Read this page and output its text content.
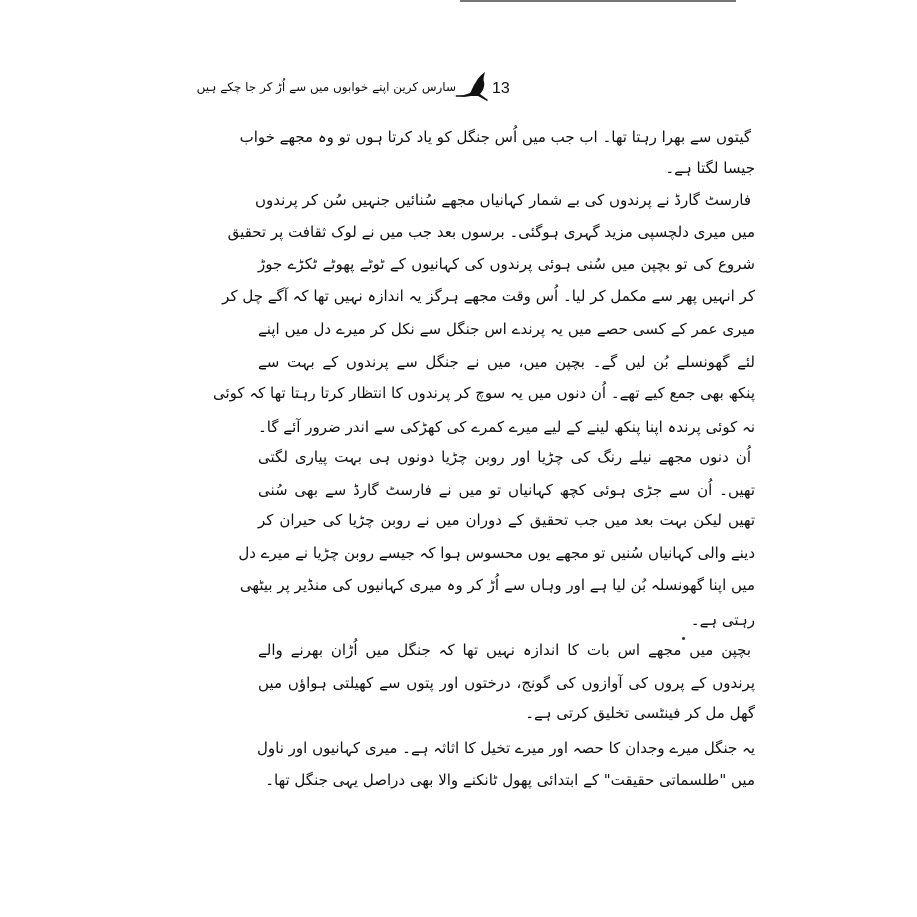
سارس کرین اپنے خوابوں میں سے اُڑ کر جا چکے ہیں 13
گیتوں سے بھرا رہتا تھا۔ اب جب میں اُس جنگل کو یاد کرتا ہوں تو وہ مجھے خواب
جیسا لگتا ہے۔
فارسٹ گارڈ نے پرندوں کی بے شمار کہانیاں مجھے سُنائیں جنہیں سُن کر پرندوں
میں میری دلچسپی مزید گہری ہوگئی۔ برسوں بعد جب میں نے لوک ثقافت پر تحقیق
شروع کی تو بچپن میں سُنی ہوئی پرندوں کی کہانیوں کے ٹوٹے پھوٹے ٹکڑے جوڑ
کر انہیں پھر سے مکمل کر لیا۔ اُس وقت مجھے ہرگز یہ اندازہ نہیں تھا کہ آگے چل کر
میری عمر کے کسی حصے میں یہ پرندے اس جنگل سے نکل کر میرے دل میں اپنے
لئے گھونسلے بُن لیں گے۔ بچپن میں، میں نے جنگل سے پرندوں کے بہت سے
پنکھ بھی جمع کیے تھے۔ اُن دنوں میں یہ سوچ کر پرندوں کا انتظار کرتا رہتا تھا کہ کوئی
نہ کوئی پرندہ اپنا پنکھ لینے کے لیے میرے کمرے کی کھڑکی سے اندر ضرور آئے گا۔
اُن دنوں مجھے نیلے رنگ کی چڑیا اور روبن چڑیا دونوں ہی بہت پیاری لگتی
تھیں۔ اُن سے جڑی ہوئی کچھ کہانیاں تو میں نے فارسٹ گارڈ سے بھی سُنی
تھیں لیکن بہت بعد میں جب تحقیق کے دوران میں نے روبن چڑیا کی حیران کر
دینے والی کہانیاں سُنیں تو مجھے یوں محسوس ہوا کہ جیسے روبن چڑیا نے میرے دل
میں اپنا گھونسلہ بُن لیا ہے اور وہاں سے اُڑ کر وہ میری کہانیوں کی منڈیر پر بیٹھی
رہتی ہے۔
بچپن میں مجھے اس بات کا اندازہ نہیں تھا کہ جنگل میں اُڑان بھرنے والے
پرندوں کے پروں کی آوازوں کی گونج، درختوں اور پتوں سے کھیلتی ہواؤں میں
گھل مل کر فینٹسی تخلیق کرتی ہے۔
یہ جنگل میرے وجدان کا حصہ اور میرے تخیل کا اثاثہ ہے۔ میری کہانیوں اور ناول
میں "طلسماتی حقیقت" کے ابتدائی پھول ٹانکنے والا بھی دراصل یہی جنگل تھا۔
